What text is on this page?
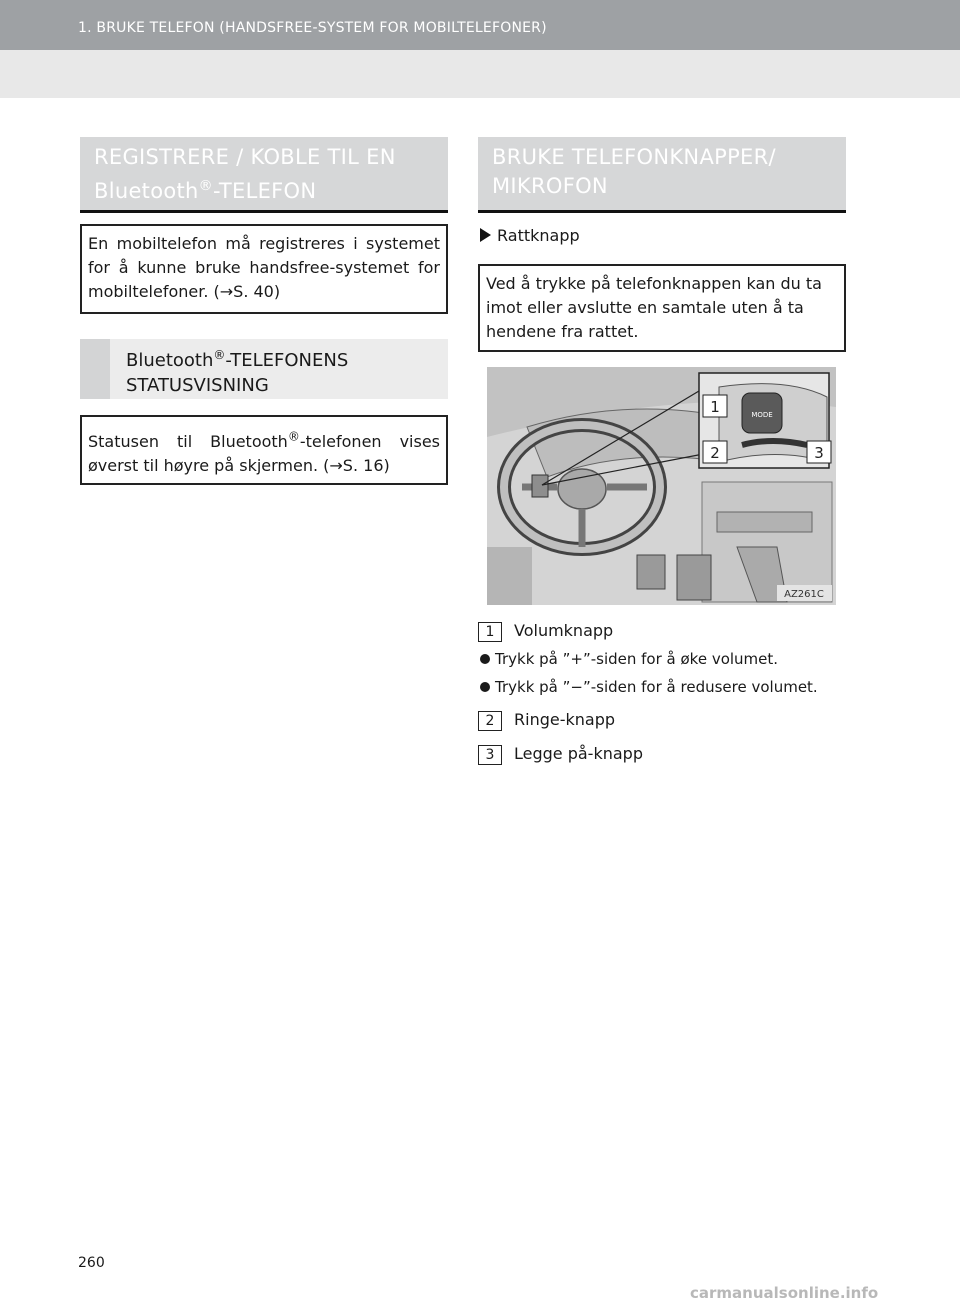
1. BRUKE TELEFON (HANDSFREE-SYSTEM FOR MOBILTELEFONER)
REGISTRERE / KOBLE TIL EN
Bluetooth®-TELEFON
En mobiltelefon må registreres i systemet for å kunne bruke handsfree-systemet for mobiltelefoner. (→S. 40)
Bluetooth®-TELEFONENS
STATUSVISNING
Statusen til Bluetooth®-telefonen vises øverst til høyre på skjermen. (→S. 16)
BRUKE TELEFONKNAPPER/
MIKROFON
Rattknapp
Ved å trykke på telefonknappen kan du ta imot eller avslutte en samtale uten å ta hendene fra rattet.
MODE
1
2	3
AZ261C
1 Volumknapp
Trykk på ”+”-siden for å øke volumet.
Trykk på ”−”-siden for å redusere volumet.
2 Ringe-knapp
3 Legge på-knapp
260
carmanualsonline.info
